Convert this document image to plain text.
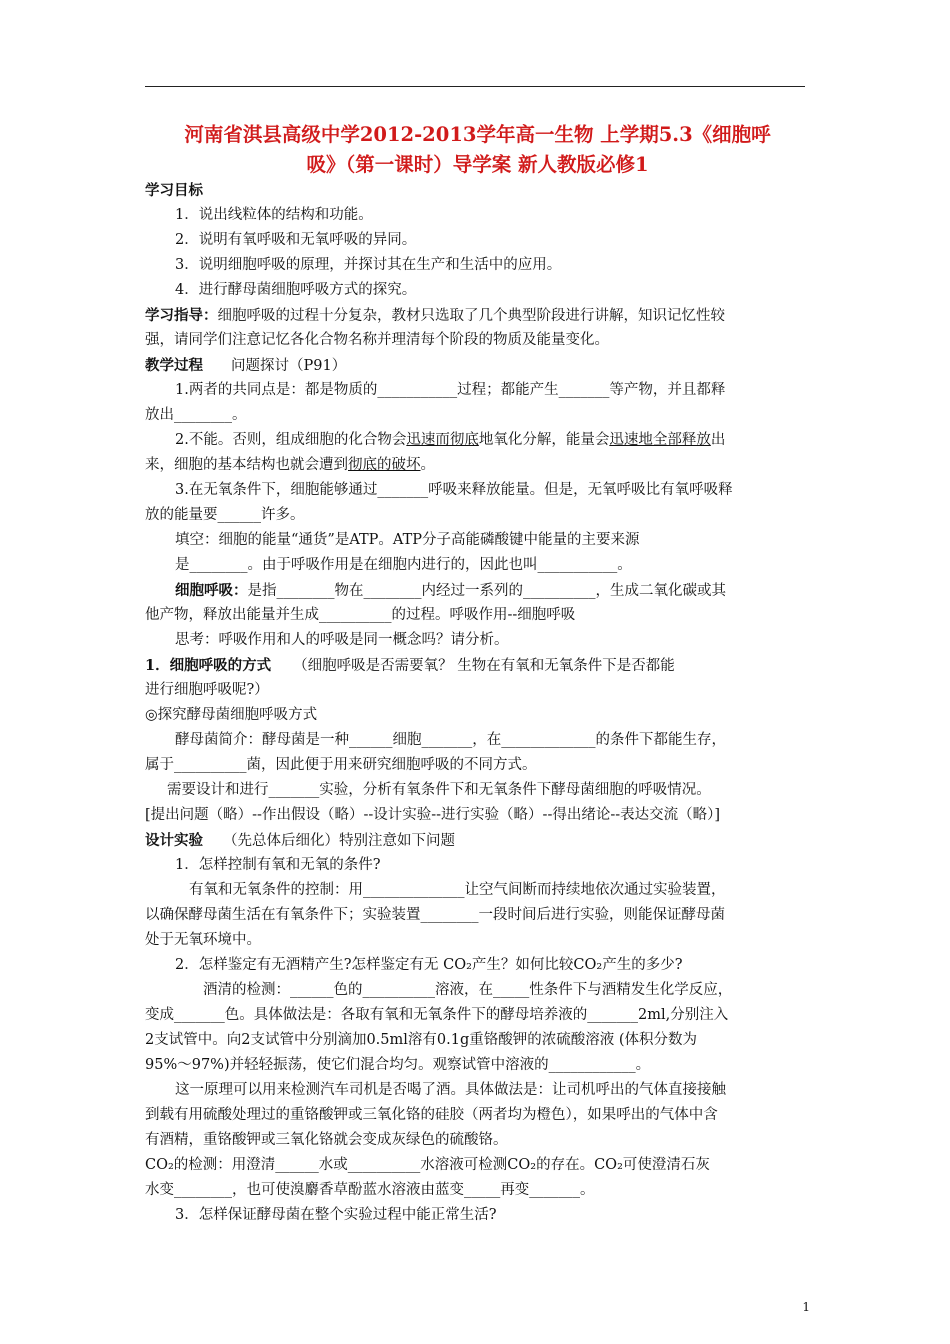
河南省淇县高级中学2012-2013学年高一生物 上学期5.3《细胞呼
吸》（第一课时）导学案 新人教版必修1
学习目标
1．说出线粒体的结构和功能。
2．说明有氧呼吸和无氧呼吸的异同。
3．说明细胞呼吸的原理，并探讨其在生产和生活中的应用。
4．进行酵母菌细胞呼吸方式的探究。
学习指导：细胞呼吸的过程十分复杂，教材只选取了几个典型阶段进行讲解，知识记忆性较
强，请同学们注意记忆各化合物名称并理清每个阶段的物质及能量变化。
教学过程 问题探讨（P91）
1.两者的共同点是：都是物质的___________过程；都能产生_______等产物，并且都释
放出________。
2.不能。否则，组成细胞的化合物会迅速而彻底地氧化分解，能量会迅速地全部释放出
来，细胞的基本结构也就会遭到彻底的破坏。
3.在无氧条件下，细胞能够通过_______呼吸来释放能量。但是，无氧呼吸比有氧呼吸释
放的能量要______许多。
填空：细胞的能量“通货”是ATP。ATP分子高能磷酸键中能量的主要来源
是________。由于呼吸作用是在细胞内进行的，因此也叫___________。
细胞呼吸：是指________物在________内经过一系列的__________，生成二氧化碳或其
他产物，释放出能量并生成__________的过程。呼吸作用--细胞呼吸
思考：呼吸作用和人的呼吸是同一概念吗？请分析。
1．细胞呼吸的方式 （细胞呼吸是否需要氧？ 生物在有氧和无氧条件下是否都能
进行细胞呼吸呢?）
◎探究酵母菌细胞呼吸方式
酵母菌简介：酵母菌是一种______细胞_______，在_____________的条件下都能生存，
属于__________菌，因此便于用来研究细胞呼吸的不同方式。
需要设计和进行_______实验，分析有氧条件下和无氧条件下酵母菌细胞的呼吸情况。
[提出问题（略）--作出假设（略）--设计实验--进行实验（略）--得出绪论--表达交流（略）]
设计实验 （先总体后细化）特别注意如下问题
1．怎样控制有氧和无氧的条件?
有氧和无氧条件的控制：用______________让空气间断而持续地依次通过实验装置，
以确保酵母菌生活在有氧条件下；实验装置________一段时间后进行实验，则能保证酵母菌
处于无氧环境中。
2．怎样鉴定有无酒精产生?怎样鉴定有无 CO₂产生？如何比较CO₂产生的多少?
酒清的检测：______色的__________溶液，在_____性条件下与酒精发生化学反应，
变成_______色。具体做法是：各取有氧和无氧条件下的酵母培养液的_______2ml,分别注入
2支试管中。向2支试管中分别滴加0.5ml溶有0.1g重铬酸钾的浓硫酸溶液 (体积分数为
95%～97%)并轻轻振荡，使它们混合均匀。观察试管中溶液的____________。
这一原理可以用来检测汽车司机是否喝了酒。具体做法是：让司机呼出的气体直接接触
到载有用硫酸处理过的重铬酸钾或三氧化铬的硅胶（两者均为橙色），如果呼出的气体中含
有酒精，重铬酸钾或三氧化铬就会变成灰绿色的硫酸铬。
CO₂的检测：用澄清______水或__________水溶液可检测CO₂的存在。CO₂可使澄清石灰
水变________，也可使溴麝香草酚蓝水溶液由蓝变_____再变_______。
3．怎样保证酵母菌在整个实验过程中能正常生活?
1
